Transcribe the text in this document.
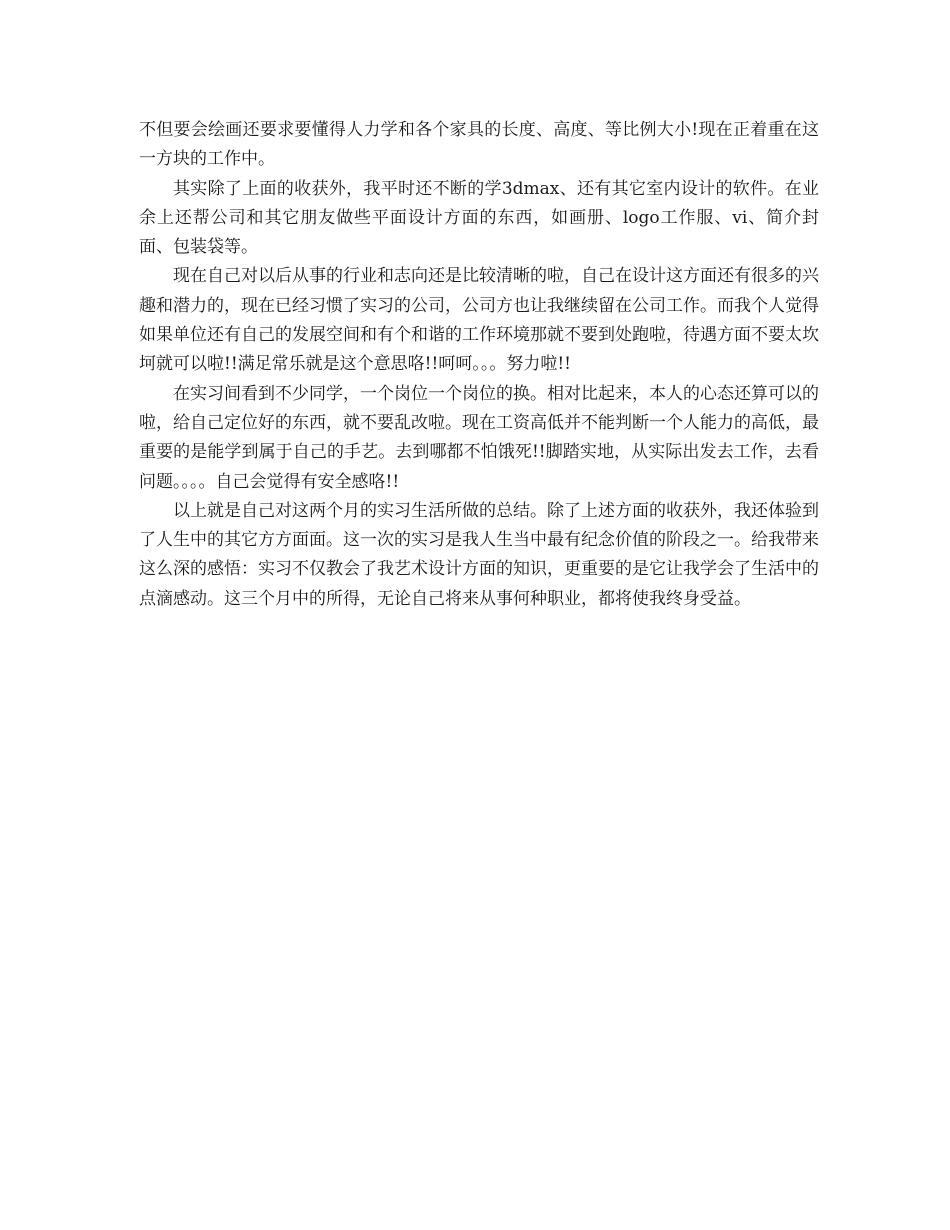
不但要会绘画还要求要懂得人力学和各个家具的长度、高度、等比例大小!现在正着重在这一方块的工作中。

其实除了上面的收获外，我平时还不断的学3dmax、还有其它室内设计的软件。在业余上还帮公司和其它朋友做些平面设计方面的东西，如画册、logo工作服、vi、简介封面、包装袋等。

现在自己对以后从事的行业和志向还是比较清晰的啦，自己在设计这方面还有很多的兴趣和潜力的，现在已经习惯了实习的公司，公司方也让我继续留在公司工作。而我个人觉得如果单位还有自己的发展空间和有个和谐的工作环境那就不要到处跑啦，待遇方面不要太坎坷就可以啦!!满足常乐就是这个意思咯!!呵呵。。。努力啦!!

在实习间看到不少同学，一个岗位一个岗位的换。相对比起来，本人的心态还算可以的啦，给自己定位好的东西，就不要乱改啦。现在工资高低并不能判断一个人能力的高低，最重要的是能学到属于自己的手艺。去到哪都不怕饿死!!脚踏实地，从实际出发去工作，去看问题。。。。自己会觉得有安全感咯!!

以上就是自己对这两个月的实习生活所做的总结。除了上述方面的收获外，我还体验到了人生中的其它方方面面。这一次的实习是我人生当中最有纪念价值的阶段之一。给我带来这么深的感悟：实习不仅教会了我艺术设计方面的知识，更重要的是它让我学会了生活中的点滴感动。这三个月中的所得，无论自己将来从事何种职业，都将使我终身受益。
